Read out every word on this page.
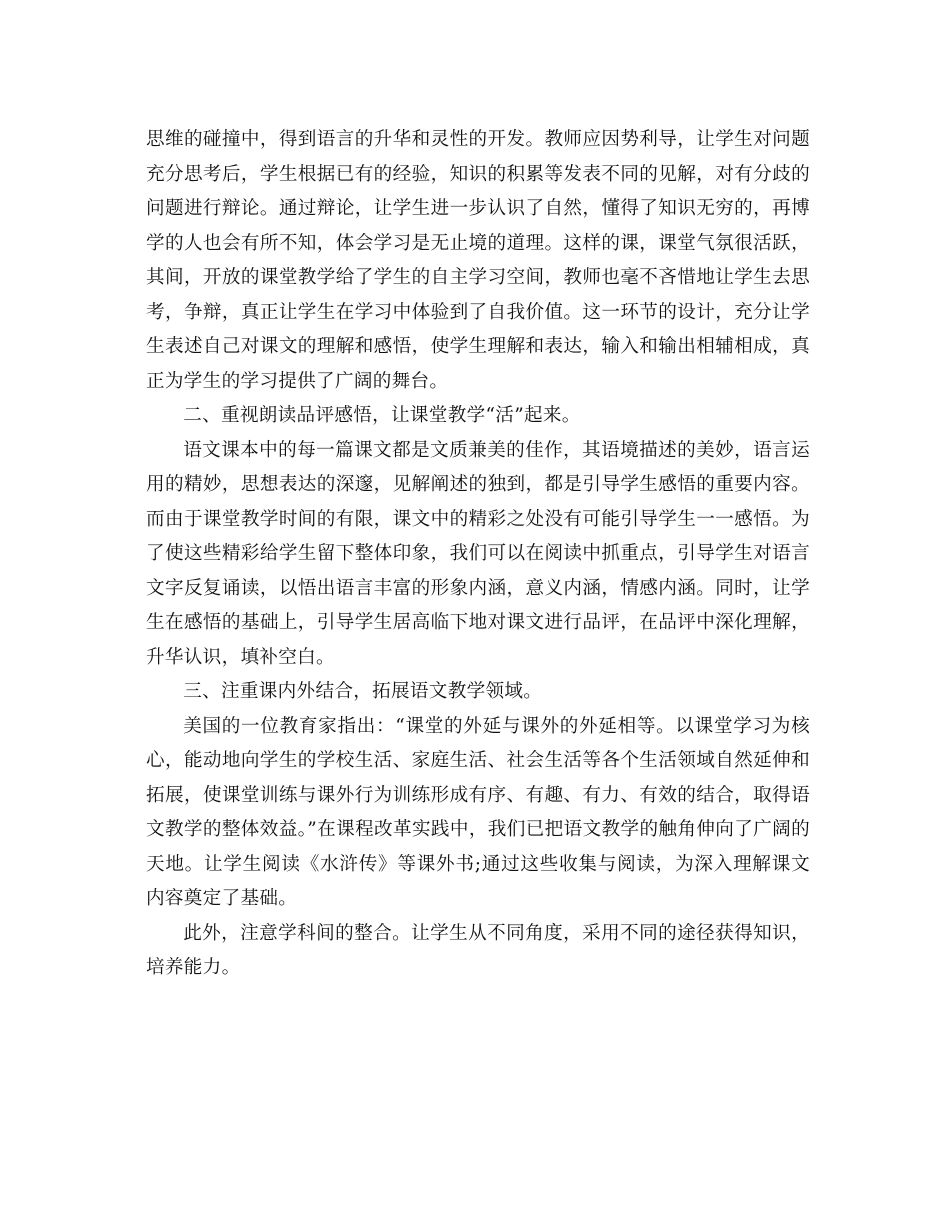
思维的碰撞中，得到语言的升华和灵性的开发。教师应因势利导，让学生对问题充分思考后，学生根据已有的经验，知识的积累等发表不同的见解，对有分歧的问题进行辩论。通过辩论，让学生进一步认识了自然，懂得了知识无穷的，再博学的人也会有所不知，体会学习是无止境的道理。这样的课，课堂气氛很活跃，其间，开放的课堂教学给了学生的自主学习空间，教师也毫不吝惜地让学生去思考，争辩，真正让学生在学习中体验到了自我价值。这一环节的设计，充分让学生表述自己对课文的理解和感悟，使学生理解和表达，输入和输出相辅相成，真正为学生的学习提供了广阔的舞台。

二、重视朗读品评感悟，让课堂教学“活”起来。

语文课本中的每一篇课文都是文质兼美的佳作，其语境描述的美妙，语言运用的精妙，思想表达的深邃，见解阐述的独到，都是引导学生感悟的重要内容。而由于课堂教学时间的有限，课文中的精彩之处没有可能引导学生一一感悟。为了使这些精彩给学生留下整体印象，我们可以在阅读中抓重点，引导学生对语言文字反复诵读，以悟出语言丰富的形象内涵，意义内涵，情感内涵。同时，让学生在感悟的基础上，引导学生居高临下地对课文进行品评，在品评中深化理解，升华认识，填补空白。

三、注重课内外结合，拓展语文教学领域。

美国的一位教育家指出：“课堂的外延与课外的外延相等。以课堂学习为核心，能动地向学生的学校生活、家庭生活、社会生活等各个生活领域自然延伸和拓展，使课堂训练与课外行为训练形成有序、有趣、有力、有效的结合，取得语文教学的整体效益。”在课程改革实践中，我们已把语文教学的触角伸向了广阔的天地。让学生阅读《水浒传》等课外书;通过这些收集与阅读，为深入理解课文内容奠定了基础。

此外，注意学科间的整合。让学生从不同角度，采用不同的途径获得知识，培养能力。
